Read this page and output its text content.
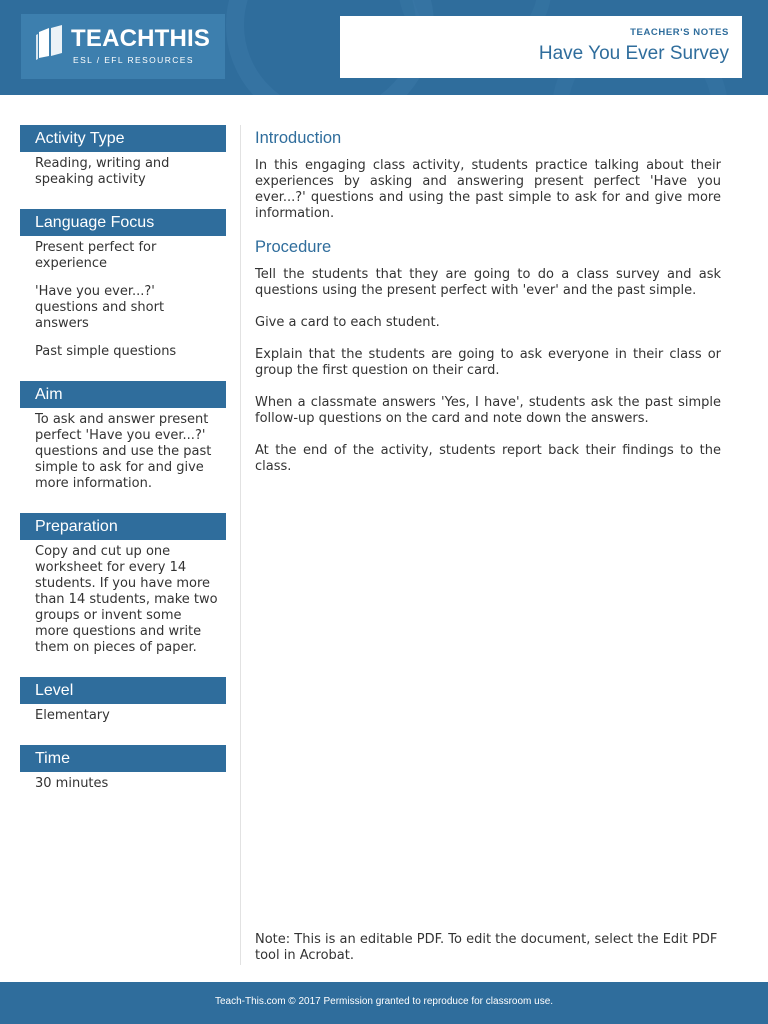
TEACHTHIS
ESL / EFL RESOURCES
TEACHER'S NOTES
Have You Ever Survey
Activity Type

Reading, writing and speaking activity

Language Focus

Present perfect for experience

'Have you ever...?' questions and short answers

Past simple questions

Aim

To ask and answer present perfect 'Have you ever...?' questions and use the past simple to ask for and give more information.

Preparation

Copy and cut up one worksheet for every 14 students. If you have more than 14 students, make two groups or invent some more questions and write them on pieces of paper.

Level

Elementary

Time

30 minutes

Introduction

In this engaging class activity, students practice talking about their experiences by asking and answering present perfect 'Have you ever...?' questions and using the past simple to ask for and give more information.

Procedure

Tell the students that they are going to do a class survey and ask questions using the present perfect with 'ever' and the past simple.

Give a card to each student.

Explain that the students are going to ask everyone in their class or group the first question on their card.

When a classmate answers 'Yes, I have', students ask the past simple follow-up questions on the card and note down the answers.

At the end of the activity, students report back their findings to the class.

Note: This is an editable PDF. To edit the document, select the Edit PDF tool in Acrobat.
Teach-This.com © 2017 Permission granted to reproduce for classroom use.
